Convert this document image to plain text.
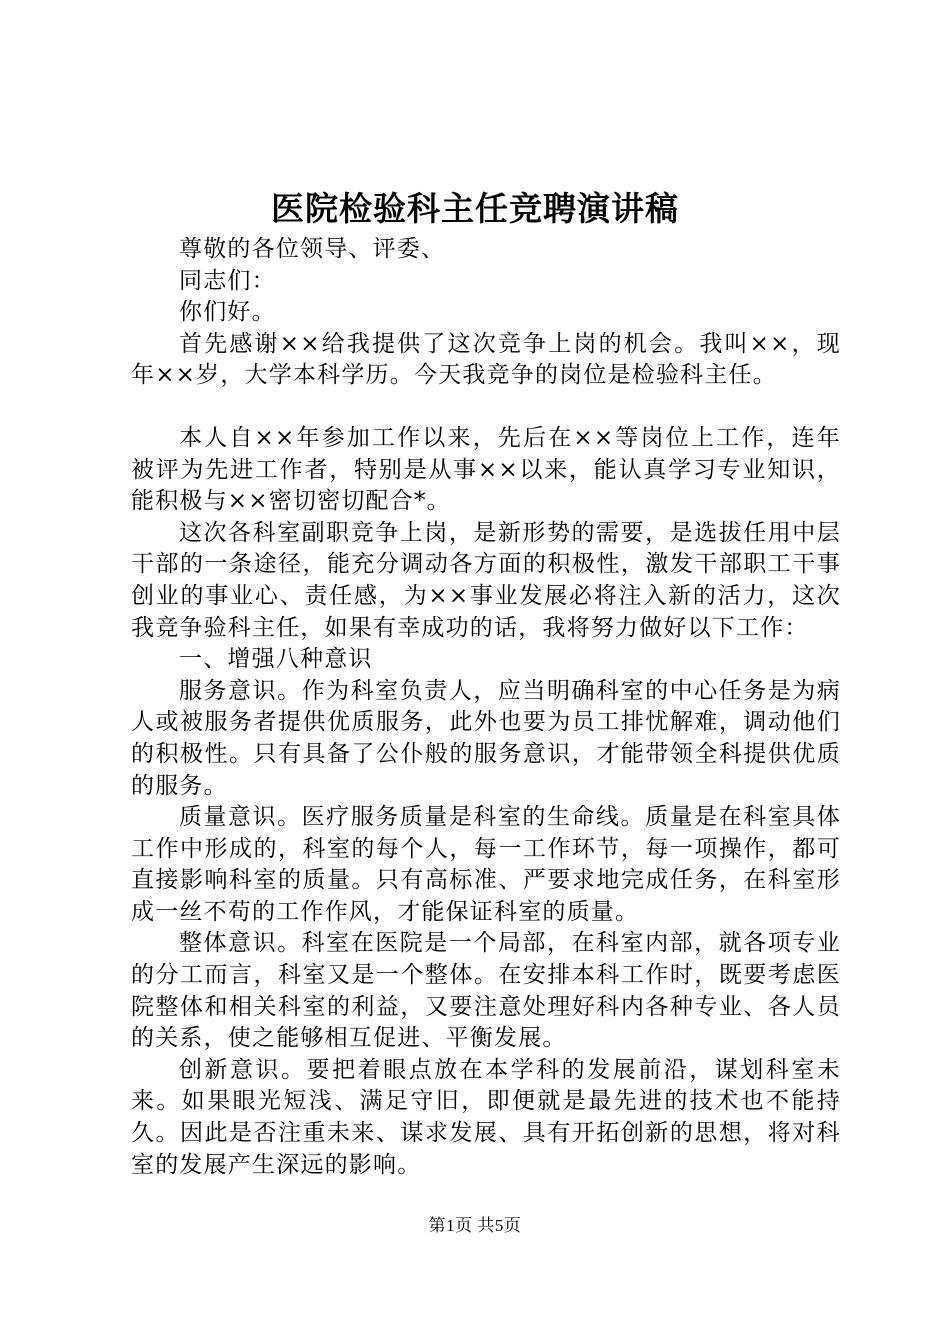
医院检验科主任竞聘演讲稿

尊敬的各位领导、评委、

同志们：

你们好。

首先感谢××给我提供了这次竞争上岗的机会。我叫××，现年××岁，大学本科学历。今天我竞争的岗位是检验科主任。

本人自××年参加工作以来，先后在××等岗位上工作，连年被评为先进工作者，特别是从事××以来，能认真学习专业知识，能积极与××密切密切配合*。

这次各科室副职竞争上岗，是新形势的需要，是选拔任用中层干部的一条途径，能充分调动各方面的积极性，激发干部职工干事创业的事业心、责任感，为××事业发展必将注入新的活力，这次我竞争验科主任，如果有幸成功的话，我将努力做好以下工作：

一、增强八种意识

服务意识。作为科室负责人，应当明确科室的中心任务是为病人或被服务者提供优质服务，此外也要为员工排忧解难，调动他们的积极性。只有具备了公仆般的服务意识，才能带领全科提供优质的服务。

质量意识。医疗服务质量是科室的生命线。质量是在科室具体工作中形成的，科室的每个人，每一工作环节，每一项操作，都可直接影响科室的质量。只有高标准、严要求地完成任务，在科室形成一丝不苟的工作作风，才能保证科室的质量。

整体意识。科室在医院是一个局部，在科室内部，就各项专业的分工而言，科室又是一个整体。在安排本科工作时，既要考虑医院整体和相关科室的利益，又要注意处理好科内各种专业、各人员的关系，使之能够相互促进、平衡发展。

创新意识。要把着眼点放在本学科的发展前沿，谋划科室未来。如果眼光短浅、满足守旧，即便就是最先进的技术也不能持久。因此是否注重未来、谋求发展、具有开拓创新的思想，将对科室的发展产生深远的影响。

第1页 共5页
